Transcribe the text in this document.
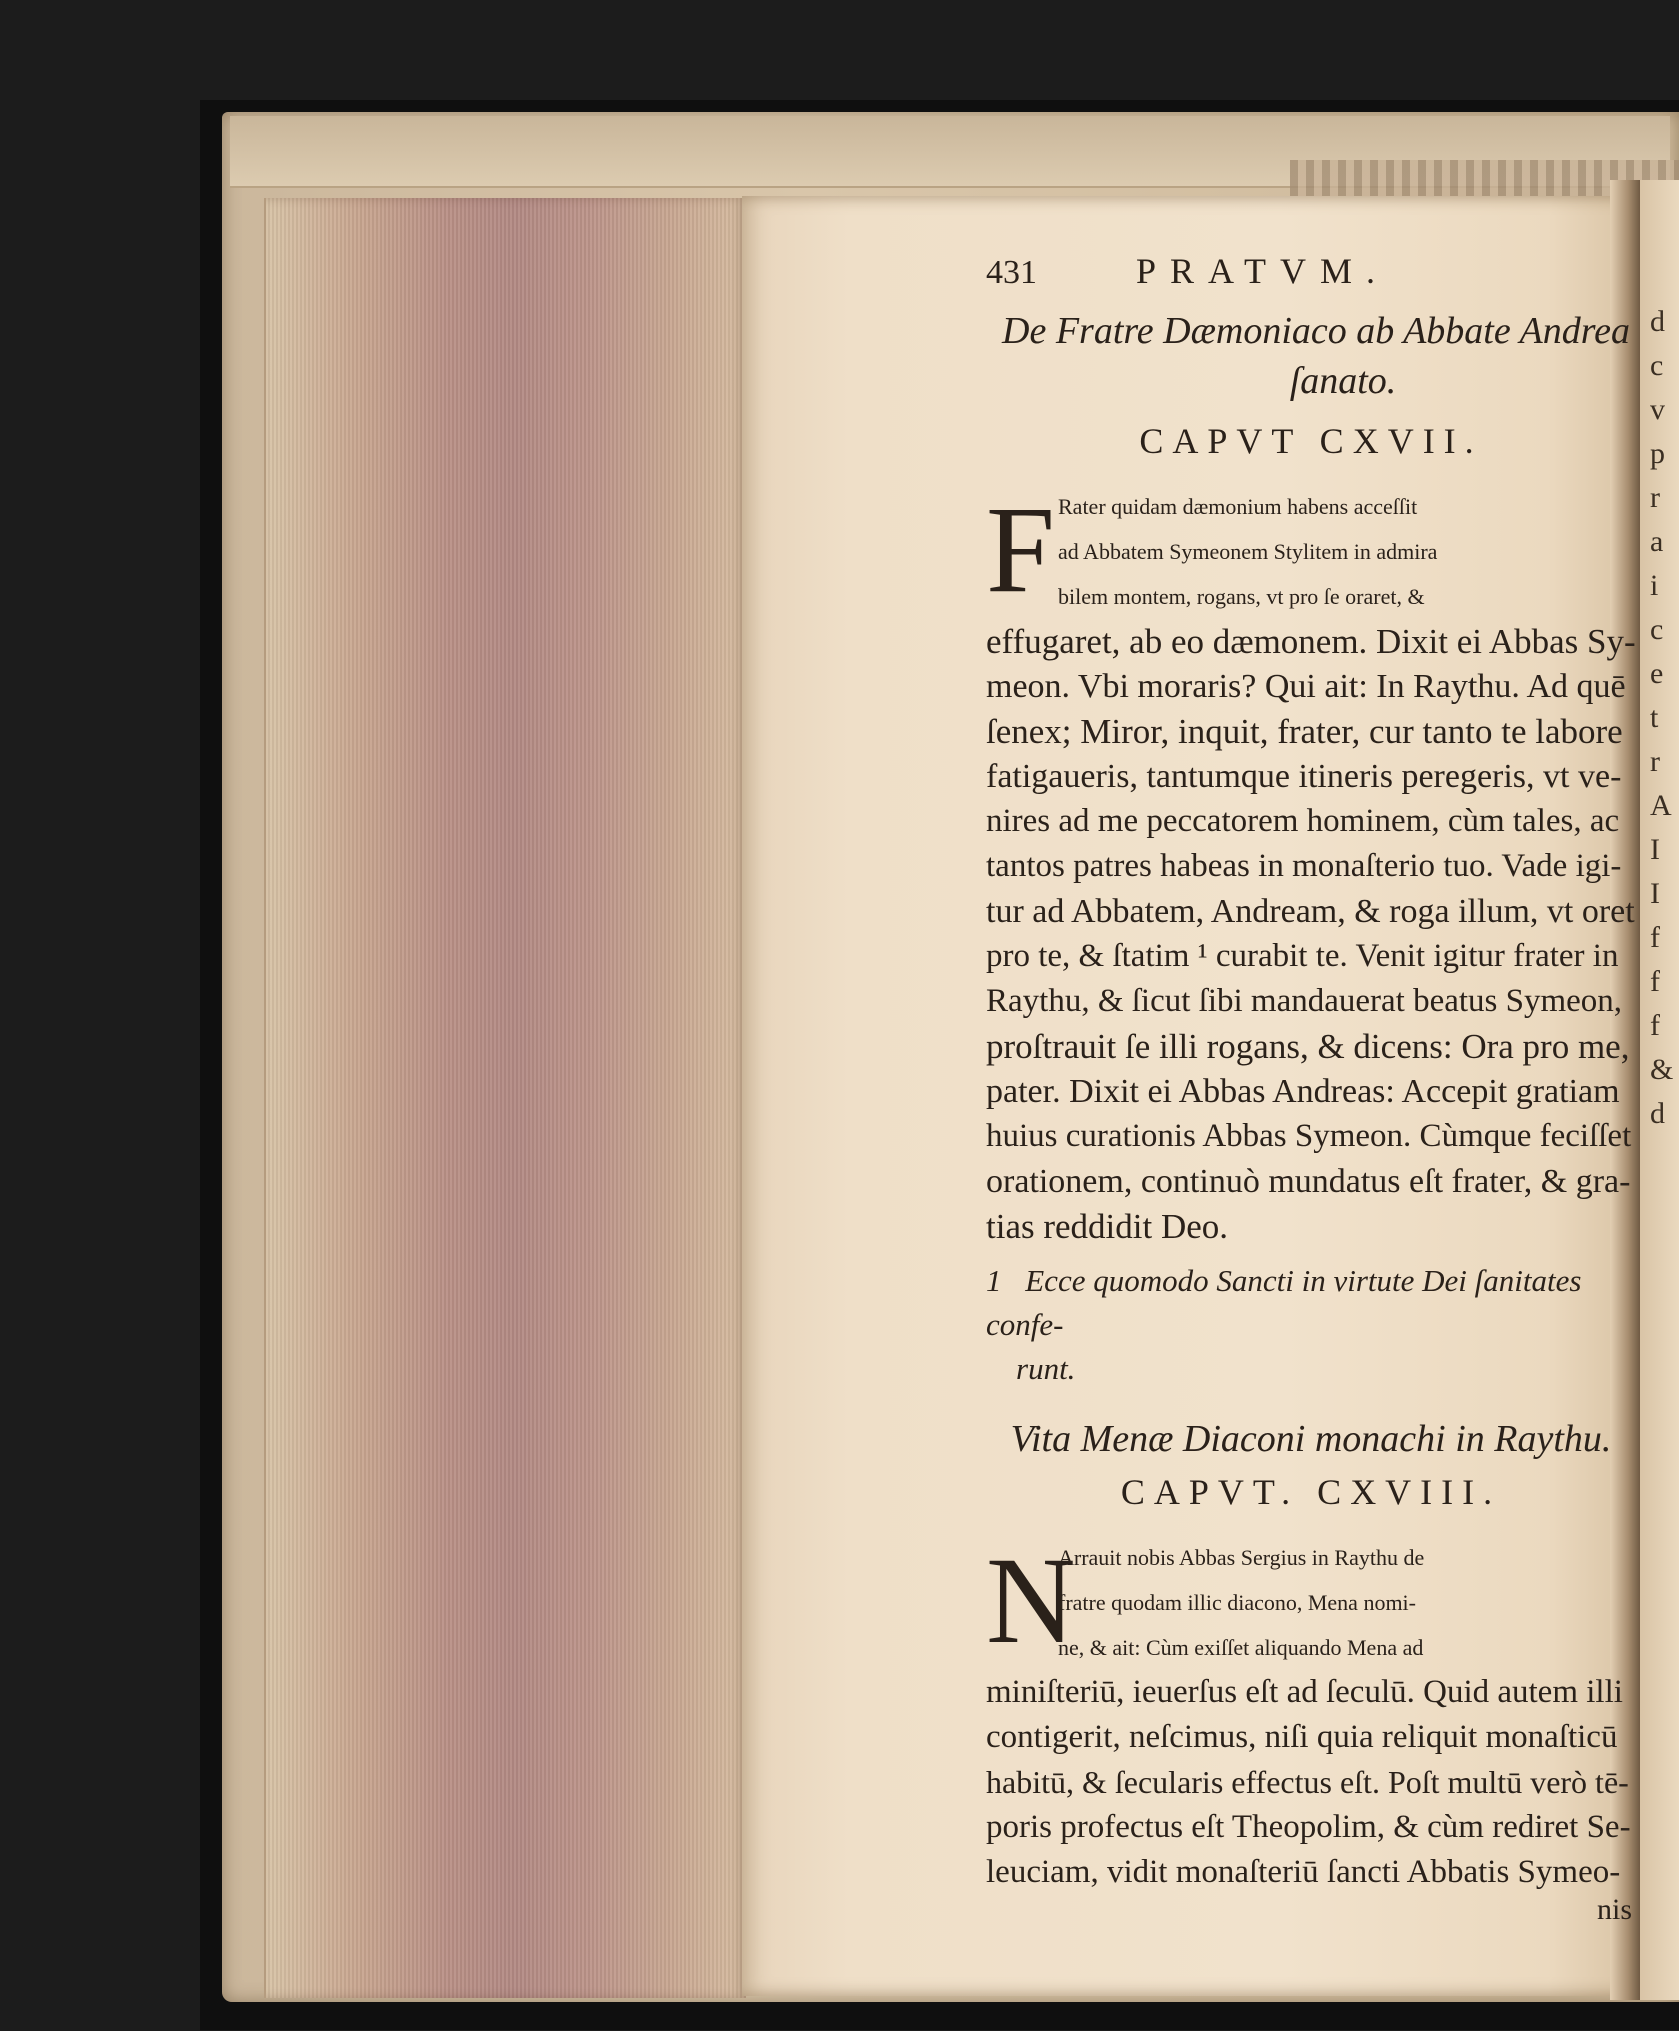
d
c
v
p
r
a
i
c
e
t
r
A
I
I
f
f
f
&
d
431	PRATVM.
De Fratre Dæmoniaco ab Abbate Andrea
ſanato.
CAPVT CXVII.
F Rater quidam dæmonium habens acceſſit
ad Abbatem Symeonem Stylitem in admira
bilem montem, rogans, vt pro ſe oraret, &
effugaret, ab eo dæmonem. Dixit ei Abbas Sy-
meon. Vbi moraris? Qui ait: In Raythu. Ad quē
ſenex; Miror, inquit, frater, cur tanto te labore
fatigaueris, tantumque itineris peregeris, vt ve-
nires ad me peccatorem hominem, cùm tales, ac
tantos patres habeas in monaſterio tuo. Vade igi-
tur ad Abbatem, Andream, & roga illum, vt oret
pro te, & ſtatim ¹ curabit te. Venit igitur frater in
Raythu, & ſicut ſibi mandauerat beatus Symeon,
proſtrauit ſe illi rogans, & dicens: Ora pro me,
pater. Dixit ei Abbas Andreas: Accepit gratiam
huius curationis Abbas Symeon. Cùmque feciſſet
orationem, continuò mundatus eſt frater, & gra-
tias reddidit Deo.
1 Ecce quomodo Sancti in virtute Dei ſanitates confe-
runt.
Vita Menæ Diaconi monachi in Raythu.
CAPVT. CXVIII.
N
Arrauit nobis Abbas Sergius in Raythu de
fratre quodam illic diacono, Mena nomi-
ne, & ait: Cùm exiſſet aliquando Mena ad
miniſteriū, ieuerſus eſt ad ſeculū. Quid autem illi
contigerit, neſcimus, niſi quia reliquit monaſticū
habitū, & ſecularis effectus eſt. Poſt multū verò tē-
poris profectus eſt Theopolim, & cùm rediret Se-
leuciam, vidit monaſteriū ſancti Abbatis Symeo-
nis
